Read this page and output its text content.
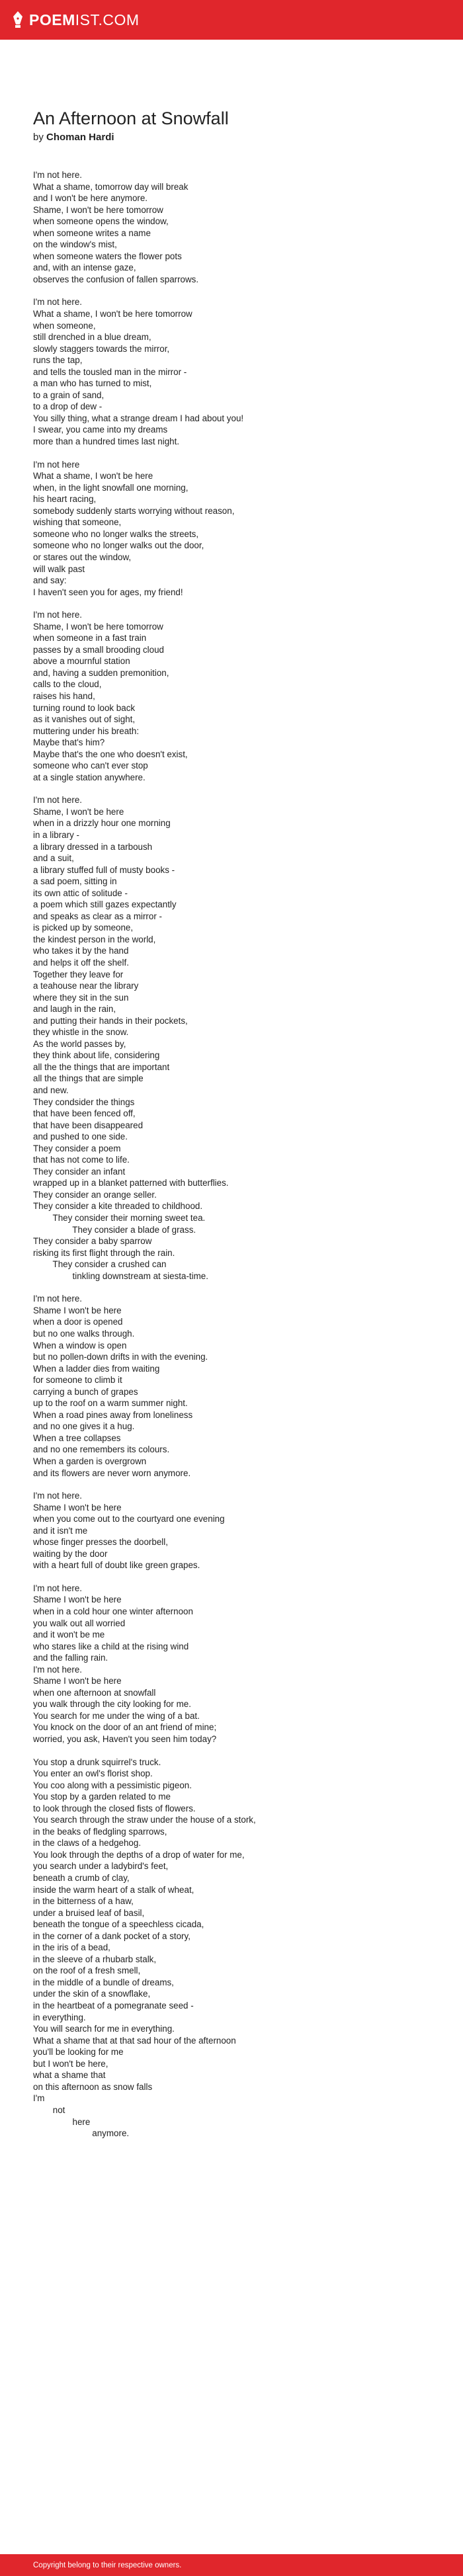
POEM IST.COM
An Afternoon at Snowfall
by Choman Hardi
I'm not here.
What a shame, tomorrow day will break
and I won't be here anymore.
Shame, I won't be here tomorrow
when someone opens the window,
when someone writes a name
on the window's mist,
when someone waters the flower pots
and, with an intense gaze,
observes the confusion of fallen sparrows.
I'm not here.
What a shame, I won't be here tomorrow
when someone,
still drenched in a blue dream,
slowly staggers towards the mirror,
runs the tap,
and tells the tousled man in the mirror -
a man who has turned to mist,
to a grain of sand,
to a drop of dew -
You silly thing, what a strange dream I had about you!
I swear, you came into my dreams
more than a hundred times last night.
I'm not here
What a shame, I won't be here
when, in the light snowfall one morning,
his heart racing,
somebody suddenly starts worrying without reason,
wishing that someone,
someone who no longer walks the streets,
someone who no longer walks out the door,
or stares out the window,
will walk past
and say:
I haven't seen you for ages, my friend!
I'm not here.
Shame, I won't be here tomorrow
when someone in a fast train
passes by a small brooding cloud
above a mournful station
and, having a sudden premonition,
calls to the cloud,
raises his hand,
turning round to look back
as it vanishes out of sight,
muttering under his breath:
Maybe that's him?
Maybe that's the one who doesn't exist,
someone who can't ever stop
at a single station anywhere.
I'm not here.
Shame, I won't be here
when in a drizzly hour one morning
in a library -
a library dressed in a tarboush
and a suit,
a library stuffed full of musty books -
a sad poem, sitting in
its own attic of solitude -
a poem which still gazes expectantly
and speaks as clear as a mirror -
is picked up by someone,
the kindest person in the world,
who takes it by the hand
and helps it off the shelf.
Together they leave for
a teahouse near the library
where they sit in the sun
and laugh in the rain,
and putting their hands in their pockets,
they whistle in the snow.
As the world passes by,
they think about life, considering
all the the things that are important
all the things that are simple
and new.
They condsider the things
that have been fenced off,
that have been disappeared
and pushed to one side.
They consider a poem
that has not come to life.
They consider an infant
wrapped up in a blanket patterned with butterflies.
They consider an orange seller.
They consider a kite threaded to childhood.
They consider their morning sweet tea.
They consider a blade of grass.
They consider a baby sparrow
risking its first flight through the rain.
They consider a crushed can
tinkling downstream at siesta-time.
I'm not here.
Shame I won't be here
when a door is opened
but no one walks through.
When a window is open
but no pollen-down drifts in with the evening.
When a ladder dies from waiting
for someone to climb it
carrying a bunch of grapes
up to the roof on a warm summer night.
When a road pines away from loneliness
and no one gives it a hug.
When a tree collapses
and no one remembers its colours.
When a garden is overgrown
and its flowers are never worn anymore.
I'm not here.
Shame I won't be here
when you come out to the courtyard one evening
and it isn't me
whose finger presses the doorbell,
waiting by the door
with a heart full of doubt like green grapes.
I'm not here.
Shame I won't be here
when in a cold hour one winter afternoon
you walk out all worried
and it won't be me
who stares like a child at the rising wind
and the falling rain.
I'm not here.
Shame I won't be here
when one afternoon at snowfall
you walk through the city looking for me.
You search for me under the wing of a bat.
You knock on the door of an ant friend of mine;
worried, you ask, Haven't you seen him today?
You stop a drunk squirrel's truck.
You enter an owl's florist shop.
You coo along with a pessimistic pigeon.
You stop by a garden related to me
to look through the closed fists of flowers.
You search through the straw under the house of a stork,
in the beaks of fledgling sparrows,
in the claws of a hedgehog.
You look through the depths of a drop of water for me,
you search under a ladybird's feet,
beneath a crumb of clay,
inside the warm heart of a stalk of wheat,
in the bitterness of a haw,
under a bruised leaf of basil,
beneath the tongue of a speechless cicada,
in the corner of a dank pocket of a story,
in the iris of a bead,
in the sleeve of a rhubarb stalk,
on the roof of a fresh smell,
in the middle of a bundle of dreams,
under the skin of a snowflake,
in the heartbeat of a pomegranate seed -
in everything.
You will search for me in everything.
What a shame that at that sad hour of the afternoon
you'll be looking for me
but I won't be here,
what a shame that
on this afternoon as snow falls
I'm
not
here
anymore.
Copyright belong to their respective owners.
